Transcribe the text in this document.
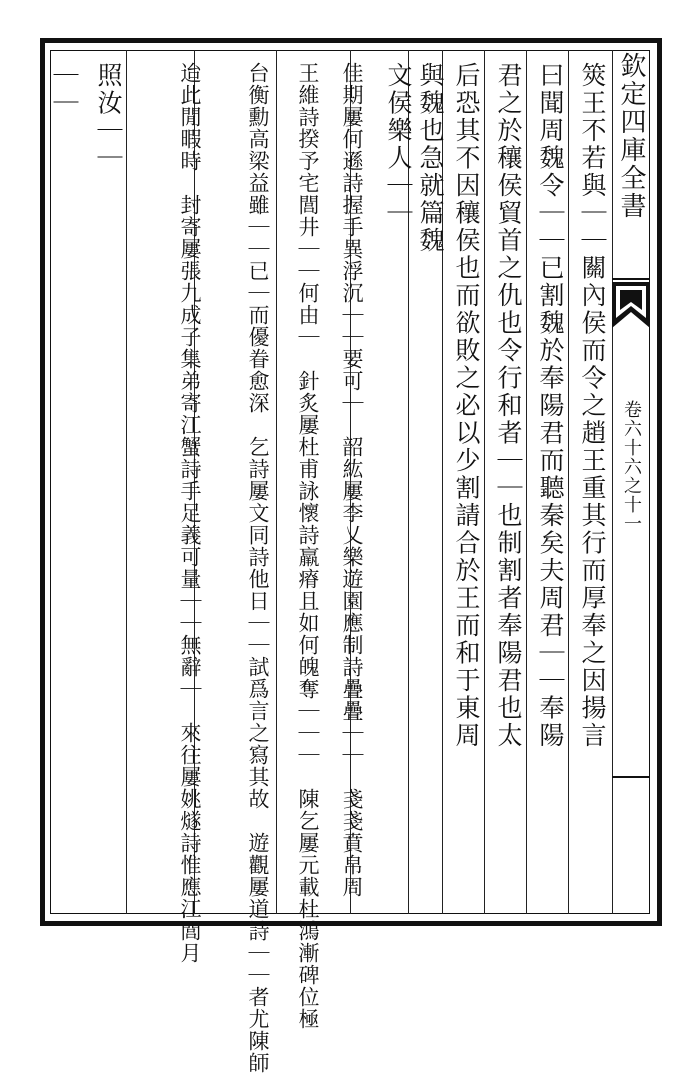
欽定四庫全書
卷六十六之十一
筴王不若與｜｜關內侯而令之趙王重其行而厚奉之因揚言
曰聞周魏令｜｜已割魏於奉陽君而聽秦矣夫周君｜｜奉陽
君之於穰侯貿首之仇也令行和者｜｜也制割者奉陽君也太
后恐其不因穰侯也而欲敗之必以少割請合於王而和于東周
與魏也急就篇魏
文侯樂人｜｜
佳期屢何遜詩握手異浮沉｜｜要可｜　韶紘屢李乂樂遊園應制詩疊疊｜｜　戔戔賁帛周
王維詩揆予宅閭井｜｜何由｜　針炙屢杜甫詠懷詩羸瘠且如何魄奪｜｜｜　陳乞屢元載杜鴻漸碑位極
台衡勳高梁益雖｜｜已｜而優眷愈深　乞詩屢文同詩他日｜｜試爲言之寫其故　遊觀屢道詩｜｜者尤陳師
迨此閒暇時　封寄屢張九成子集弟寄江蟹詩手足義可量｜｜無辭｜　來往屢姚燧詩惟應江閭月
照汝｜｜
｜｜
